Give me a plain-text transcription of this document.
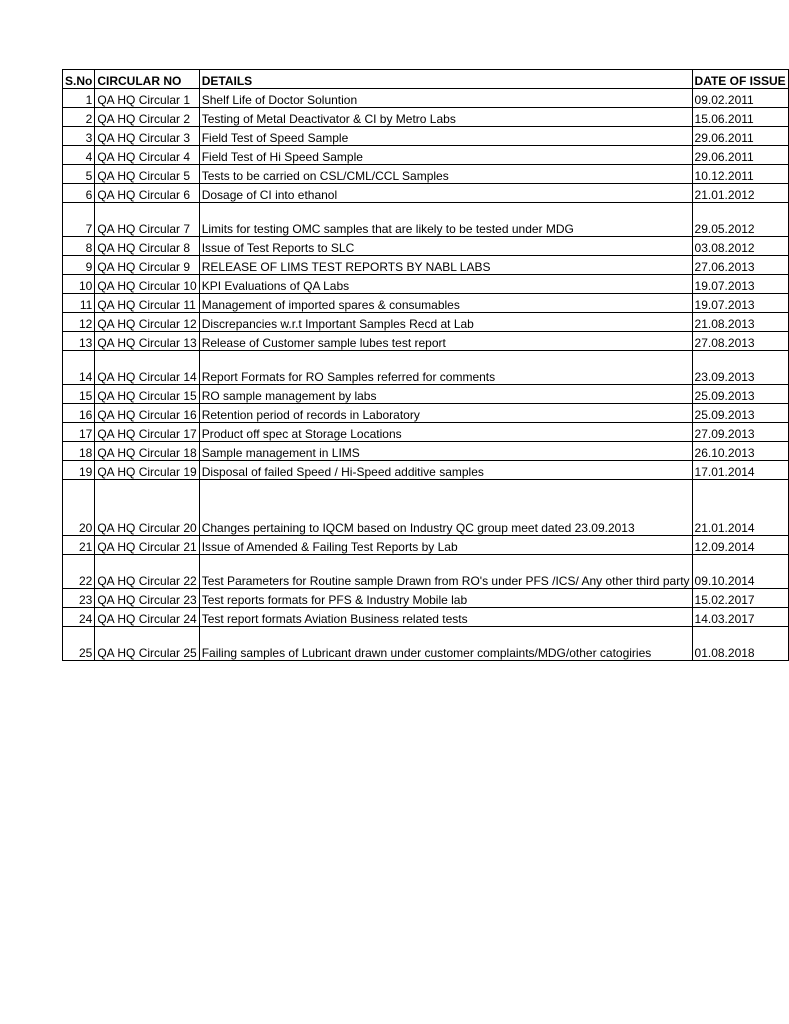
S.No	CIRCULAR NO	DETAILS	DATE OF ISSUE
1	QA HQ Circular 1	Shelf Life of Doctor Soluntion	09.02.2011
2	QA HQ Circular 2	Testing of Metal Deactivator & CI by Metro Labs	15.06.2011
3	QA HQ Circular 3	Field Test of Speed Sample	29.06.2011
4	QA HQ Circular 4	Field Test of Hi Speed Sample	29.06.2011
5	QA HQ Circular 5	Tests to be carried on CSL/CML/CCL Samples	10.12.2011
6	QA HQ Circular 6	Dosage of CI into ethanol	21.01.2012
7	QA HQ Circular 7	Limits for testing OMC samples that are likely to be tested under MDG	29.05.2012
8	QA HQ Circular 8	Issue of Test Reports to SLC	03.08.2012
9	QA HQ Circular 9	RELEASE OF LIMS TEST REPORTS BY NABL LABS	27.06.2013
10	QA HQ Circular 10	KPI Evaluations of QA Labs	19.07.2013
11	QA HQ Circular 11	Management of imported spares & consumables	19.07.2013
12	QA HQ Circular 12	Discrepancies w.r.t Important Samples Recd at Lab	21.08.2013
13	QA HQ Circular 13	Release of Customer sample lubes test report	27.08.2013
14	QA HQ Circular 14	Report Formats for RO Samples referred for comments	23.09.2013
15	QA HQ Circular 15	RO sample management by labs	25.09.2013
16	QA HQ Circular 16	Retention period of records in Laboratory	25.09.2013
17	QA HQ Circular 17	Product off spec at Storage Locations	27.09.2013
18	QA HQ Circular 18	Sample management in LIMS	26.10.2013
19	QA HQ Circular 19	Disposal of failed Speed / Hi-Speed additive samples	17.01.2014
20	QA HQ Circular 20	Changes pertaining to IQCM based on Industry QC group meet dated 23.09.2013	21.01.2014
21	QA HQ Circular 21	Issue of Amended & Failing Test Reports by Lab	12.09.2014
22	QA HQ Circular 22	Test Parameters for Routine sample Drawn from RO's under PFS /ICS/ Any other third party	09.10.2014
23	QA HQ Circular 23	Test reports formats for PFS & Industry Mobile lab	15.02.2017
24	QA HQ Circular 24	Test report formats Aviation Business related tests	14.03.2017
25	QA HQ Circular 25	Failing samples of Lubricant drawn under customer complaints/MDG/other catogiries	01.08.2018
